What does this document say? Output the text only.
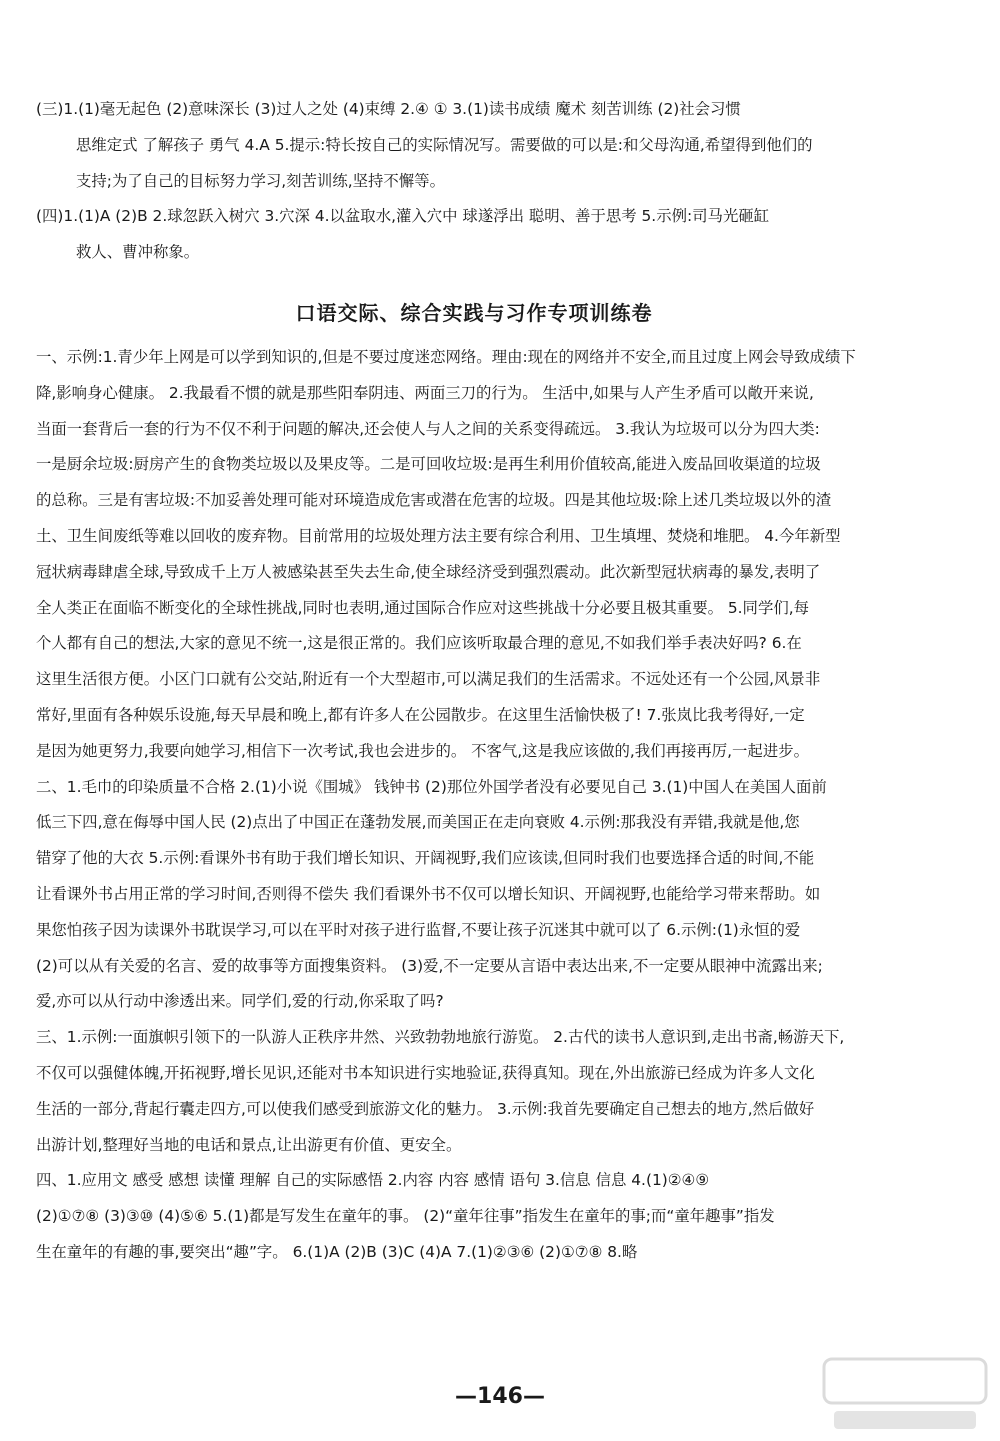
(三)1.(1)毫无起色 (2)意味深长 (3)过人之处 (4)束缚 2.④ ① 3.(1)读书成绩 魔术 刻苦训练 (2)社会习惯
思维定式 了解孩子 勇气 4.A 5.提示:特长按自己的实际情况写。需要做的可以是:和父母沟通,希望得到他们的
支持;为了自己的目标努力学习,刻苦训练,坚持不懈等。
(四)1.(1)A (2)B 2.球忽跃入树穴 3.穴深 4.以盆取水,灌入穴中 球遂浮出 聪明、善于思考 5.示例:司马光砸缸
救人、曹冲称象。
口语交际、综合实践与习作专项训练卷
一、示例:1.青少年上网是可以学到知识的,但是不要过度迷恋网络。理由:现在的网络并不安全,而且过度上网会导致成绩下
降,影响身心健康。 2.我最看不惯的就是那些阳奉阴违、两面三刀的行为。 生活中,如果与人产生矛盾可以敞开来说,
当面一套背后一套的行为不仅不利于问题的解决,还会使人与人之间的关系变得疏远。 3.我认为垃圾可以分为四大类:
一是厨余垃圾:厨房产生的食物类垃圾以及果皮等。二是可回收垃圾:是再生利用价值较高,能进入废品回收渠道的垃圾
的总称。三是有害垃圾:不加妥善处理可能对环境造成危害或潜在危害的垃圾。四是其他垃圾:除上述几类垃圾以外的渣
土、卫生间废纸等难以回收的废弃物。目前常用的垃圾处理方法主要有综合利用、卫生填埋、焚烧和堆肥。 4.今年新型
冠状病毒肆虐全球,导致成千上万人被感染甚至失去生命,使全球经济受到强烈震动。此次新型冠状病毒的暴发,表明了
全人类正在面临不断变化的全球性挑战,同时也表明,通过国际合作应对这些挑战十分必要且极其重要。 5.同学们,每
个人都有自己的想法,大家的意见不统一,这是很正常的。我们应该听取最合理的意见,不如我们举手表决好吗? 6.在
这里生活很方便。小区门口就有公交站,附近有一个大型超市,可以满足我们的生活需求。不远处还有一个公园,风景非
常好,里面有各种娱乐设施,每天早晨和晚上,都有许多人在公园散步。在这里生活愉快极了! 7.张岚比我考得好,一定
是因为她更努力,我要向她学习,相信下一次考试,我也会进步的。 不客气,这是我应该做的,我们再接再厉,一起进步。
二、1.毛巾的印染质量不合格 2.(1)小说《围城》 钱钟书 (2)那位外国学者没有必要见自己 3.(1)中国人在美国人面前
低三下四,意在侮辱中国人民 (2)点出了中国正在蓬勃发展,而美国正在走向衰败 4.示例:那我没有弄错,我就是他,您
错穿了他的大衣 5.示例:看课外书有助于我们增长知识、开阔视野,我们应该读,但同时我们也要选择合适的时间,不能
让看课外书占用正常的学习时间,否则得不偿失 我们看课外书不仅可以增长知识、开阔视野,也能给学习带来帮助。如
果您怕孩子因为读课外书耽误学习,可以在平时对孩子进行监督,不要让孩子沉迷其中就可以了 6.示例:(1)永恒的爱
(2)可以从有关爱的名言、爱的故事等方面搜集资料。 (3)爱,不一定要从言语中表达出来,不一定要从眼神中流露出来;
爱,亦可以从行动中渗透出来。同学们,爱的行动,你采取了吗?
三、1.示例:一面旗帜引领下的一队游人正秩序井然、兴致勃勃地旅行游览。 2.古代的读书人意识到,走出书斋,畅游天下,
不仅可以强健体魄,开拓视野,增长见识,还能对书本知识进行实地验证,获得真知。现在,外出旅游已经成为许多人文化
生活的一部分,背起行囊走四方,可以使我们感受到旅游文化的魅力。 3.示例:我首先要确定自己想去的地方,然后做好
出游计划,整理好当地的电话和景点,让出游更有价值、更安全。
四、1.应用文 感受 感想 读懂 理解 自己的实际感悟 2.内容 内容 感情 语句 3.信息 信息 4.(1)②④⑨
(2)①⑦⑧ (3)③⑩ (4)⑤⑥ 5.(1)都是写发生在童年的事。 (2)“童年往事”指发生在童年的事;而“童年趣事”指发
生在童年的有趣的事,要突出“趣”字。 6.(1)A (2)B (3)C (4)A 7.(1)②③⑥ (2)①⑦⑧ 8.略
—146—
